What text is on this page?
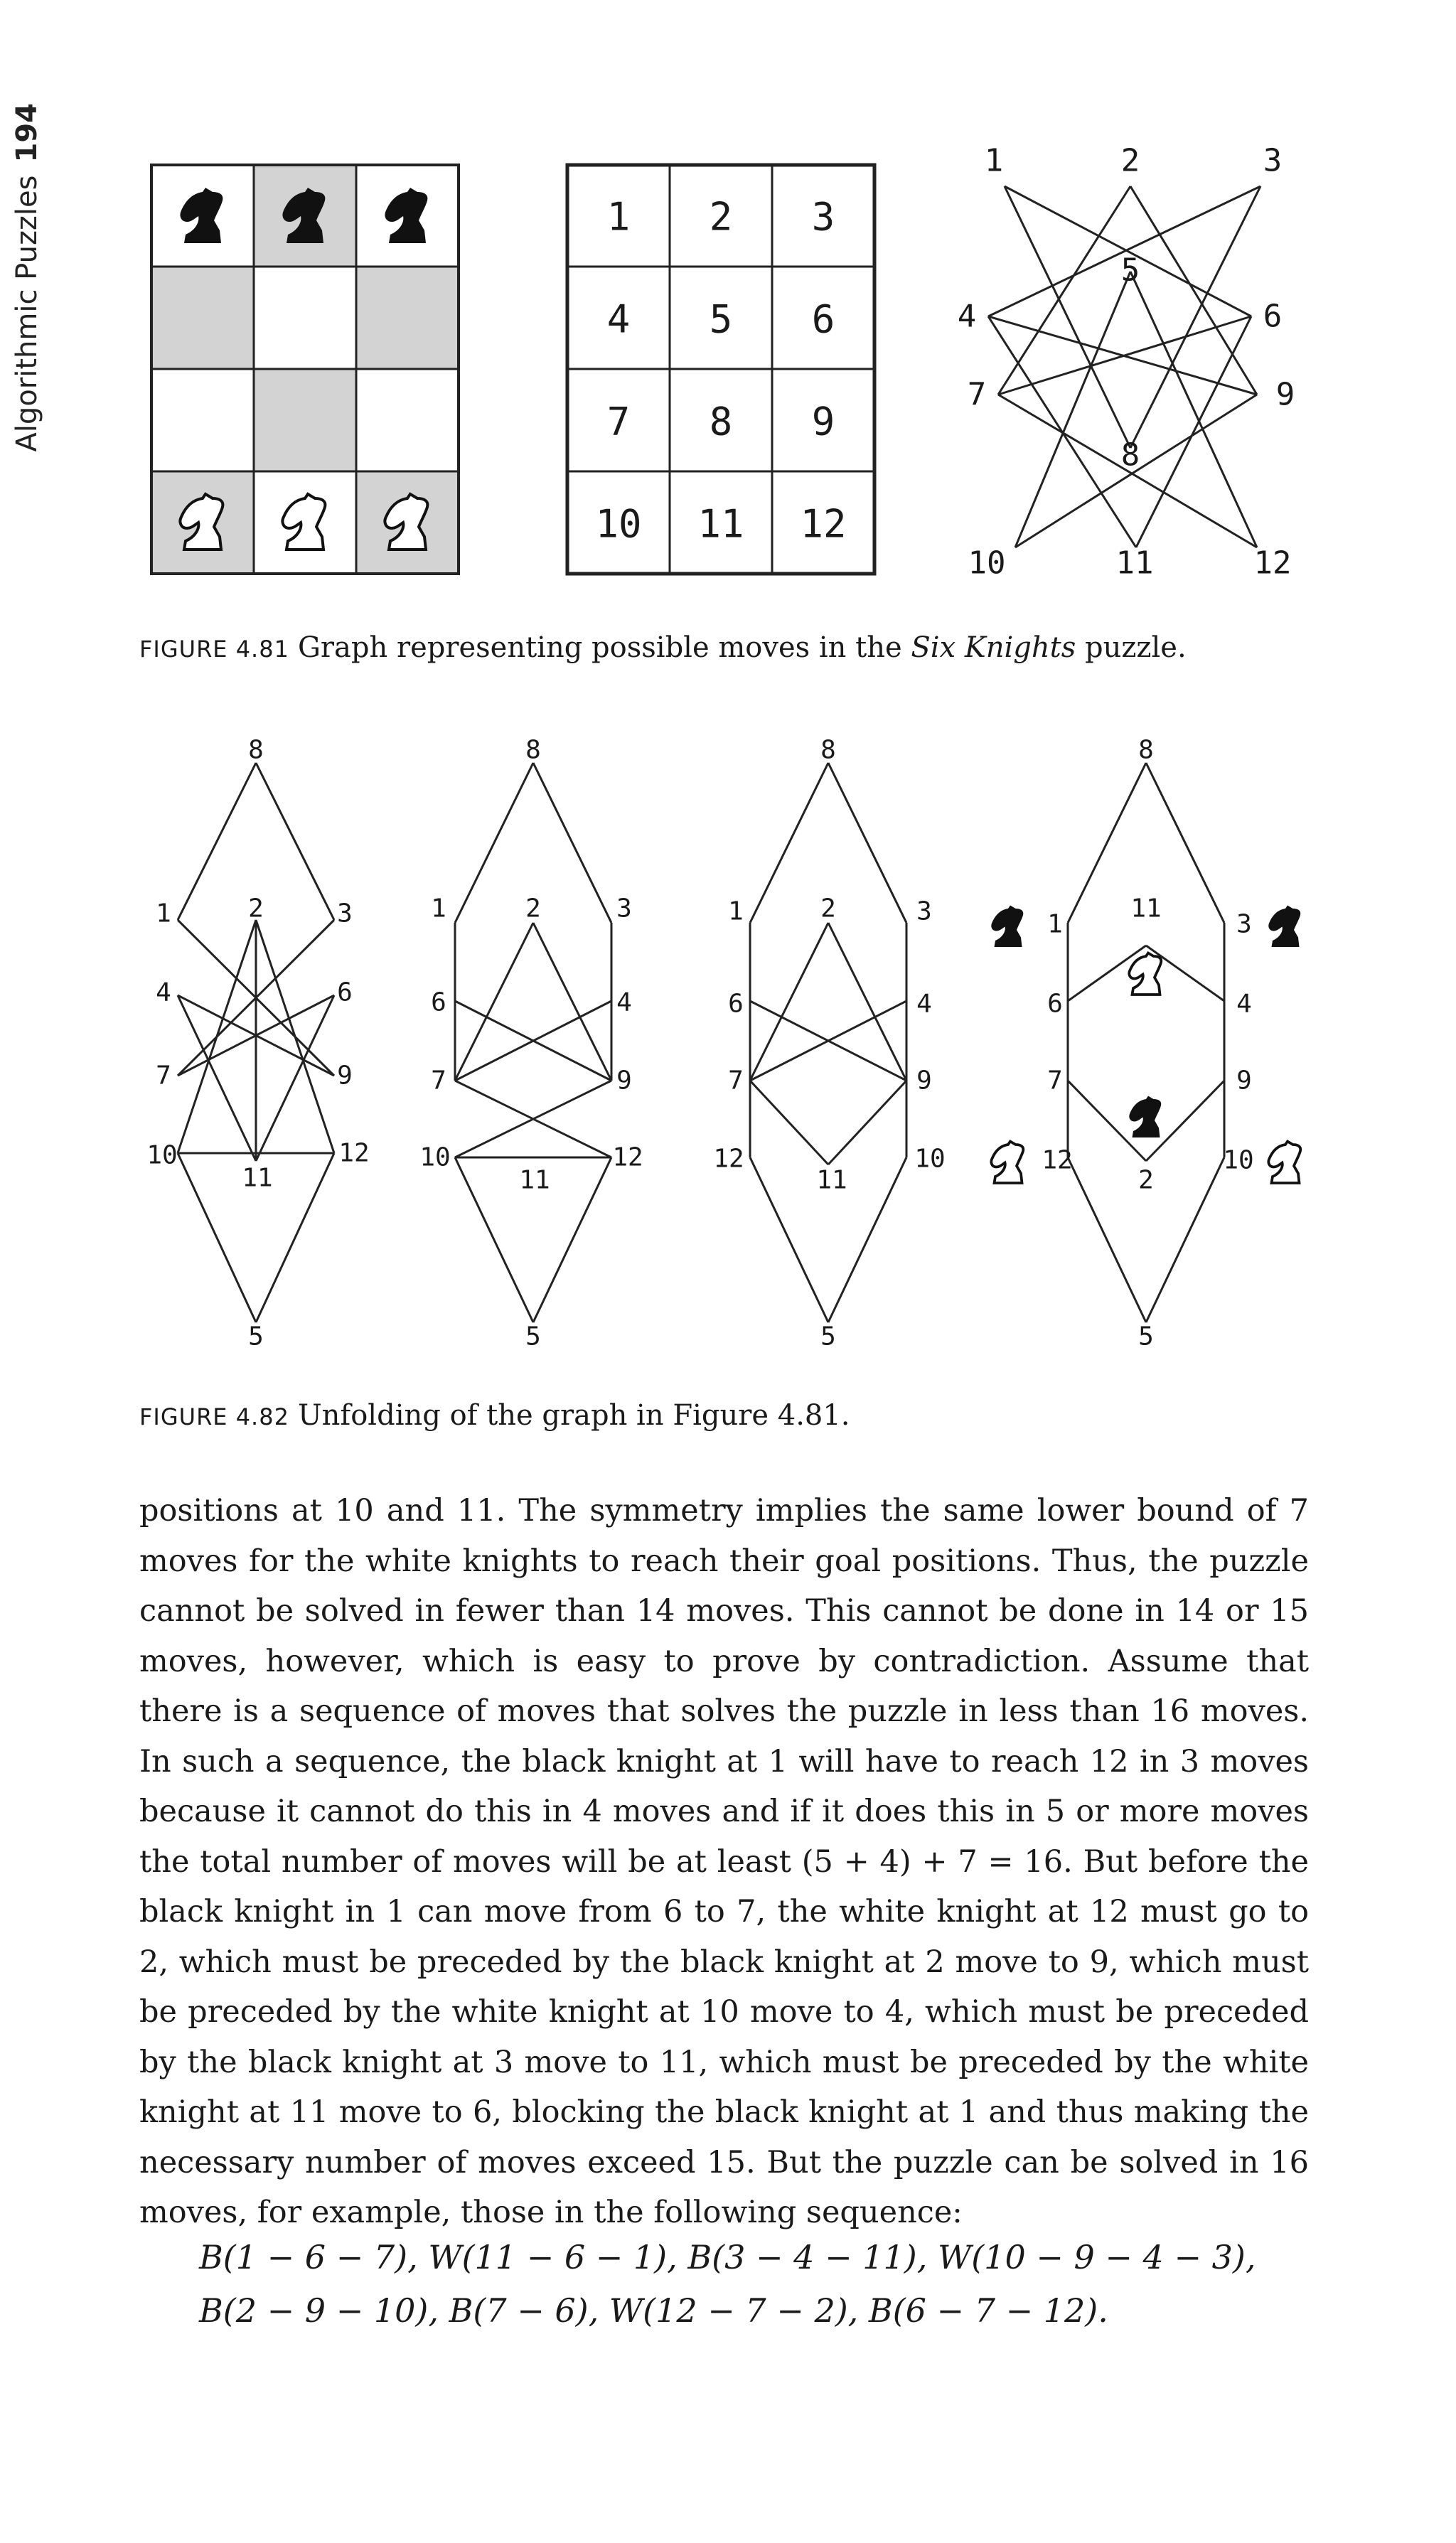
Algorithmic Puzzles
194
1 2 3
4 5 6
7 8 9
10 11 12
1	2	3
4
5
6
7
8
9
10	11	12
FIGURE 4.81 Graph representing possible moves in the Six Knights puzzle.
8
1	2	3
4	6
7	9
10
11
12
5
8
1	2	3
6	4
7	9
10
11
12
5
8
1	2	3
6	4
7	9
12
11
10
5
8
1
11
3
6	4
7	9
12
2
10
5
FIGURE 4.82 Unfolding of the graph in Figure 4.81.

positions at 10 and 11. The symmetry implies the same lower bound of 7 moves for the white knights to reach their goal positions. Thus, the puzzle cannot be solved in fewer than 14 moves. This cannot be done in 14 or 15 moves, however, which is easy to prove by contradiction. Assume that there is a sequence of moves that solves the puzzle in less than 16 moves. In such a sequence, the black knight at 1 will have to reach 12 in 3 moves because it cannot do this in 4 moves and if it does this in 5 or more moves the total number of moves will be at least (5 + 4) + 7 = 16. But before the black knight in 1 can move from 6 to 7, the white knight at 12 must go to 2, which must be preceded by the black knight at 2 move to 9, which must be preceded by the white knight at 10 move to 4, which must be preceded by the black knight at 3 move to 11, which must be preceded by the white knight at 11 move to 6, blocking the black knight at 1 and thus making the necessary number of moves exceed 15. But the puzzle can be solved in 16 moves, for example, those in the following sequence:

B(1 − 6 − 7), W(11 − 6 − 1), B(3 − 4 − 11), W(10 − 9 − 4 − 3),
B(2 − 9 − 10), B(7 − 6), W(12 − 7 − 2), B(6 − 7 − 12).
